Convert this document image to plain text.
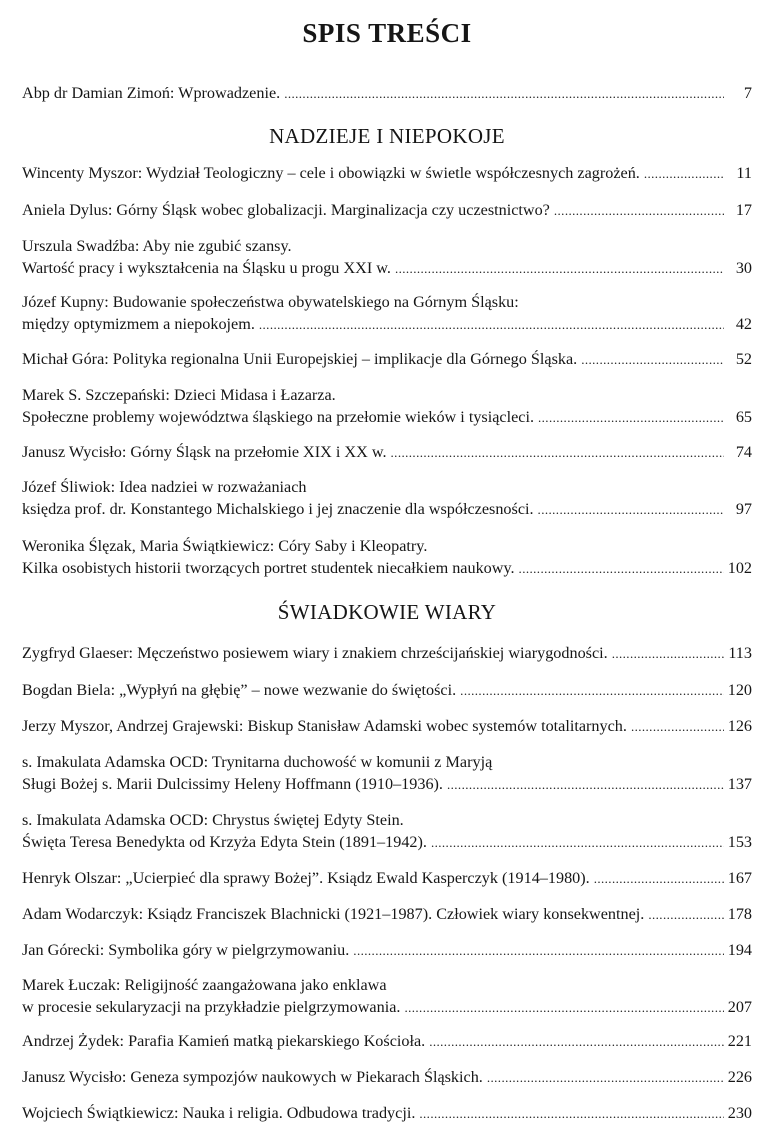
SPIS TREŚCI
Abp dr Damian Zimoń: Wprowadzenie. .....	7
NADZIEJE I NIEPOKOJE
Wincenty Myszor: Wydział Teologiczny – cele i obowiązki w świetle współczesnych zagrożeń. .....	11
Aniela Dylus: Górny Śląsk wobec globalizacji. Marginalizacja czy uczestnictwo? .....	17
Urszula Swadźba: Aby nie zgubić szansy.
Wartość pracy i wykształcenia na Śląsku u progu XXI w. .....	30
Józef Kupny: Budowanie społeczeństwa obywatelskiego na Górnym Śląsku:
między optymizmem a niepokojem. .....	42
Michał Góra: Polityka regionalna Unii Europejskiej – implikacje dla Górnego Śląska. .....	52
Marek S. Szczepański: Dzieci Midasa i Łazarza.
Społeczne problemy województwa śląskiego na przełomie wieków i tysiącleci. .....	65
Janusz Wycisło: Górny Śląsk na przełomie XIX i XX w. .....	74
Józef Śliwiok: Idea nadziei w rozważaniach
księdza prof. dr. Konstantego Michalskiego i jej znaczenie dla współczesności. .....	97
Weronika Ślęzak, Maria Świątkiewicz: Córy Saby i Kleopatry.
Kilka osobistych historii tworzących portret studentek niecałkiem naukowy. .....	102
ŚWIADKOWIE WIARY
Zygfryd Glaeser: Męczeństwo posiewem wiary i znakiem chrześcijańskiej wiarygodności. .....	113
Bogdan Biela: „Wypłyń na głębię” – nowe wezwanie do świętości. .....	120
Jerzy Myszor, Andrzej Grajewski: Biskup Stanisław Adamski wobec systemów totalitarnych. .....	126
s. Imakulata Adamska OCD: Trynitarna duchowość w komunii z Maryją
Sługi Bożej s. Marii Dulcissimy Heleny Hoffmann (1910–1936). .....	137
s. Imakulata Adamska OCD: Chrystus świętej Edyty Stein.
Święta Teresa Benedykta od Krzyża Edyta Stein (1891–1942). .....	153
Henryk Olszar: „Ucierpieć dla sprawy Bożej”. Ksiądz Ewald Kasperczyk (1914–1980). .....	167
Adam Wodarczyk: Ksiądz Franciszek Blachnicki (1921–1987). Człowiek wiary konsekwentnej. .....	178
Jan Górecki: Symbolika góry w pielgrzymowaniu. .....	194
Marek Łuczak: Religijność zaangażowana jako enklawa
w procesie sekularyzacji na przykładzie pielgrzymowania. .....	207
Andrzej Żydek: Parafia Kamień matką piekarskiego Kościoła. .....	221
Janusz Wycisło: Geneza sympozjów naukowych w Piekarach Śląskich. .....	226
Wojciech Świątkiewicz: Nauka i religia. Odbudowa tradycji. .....	230
